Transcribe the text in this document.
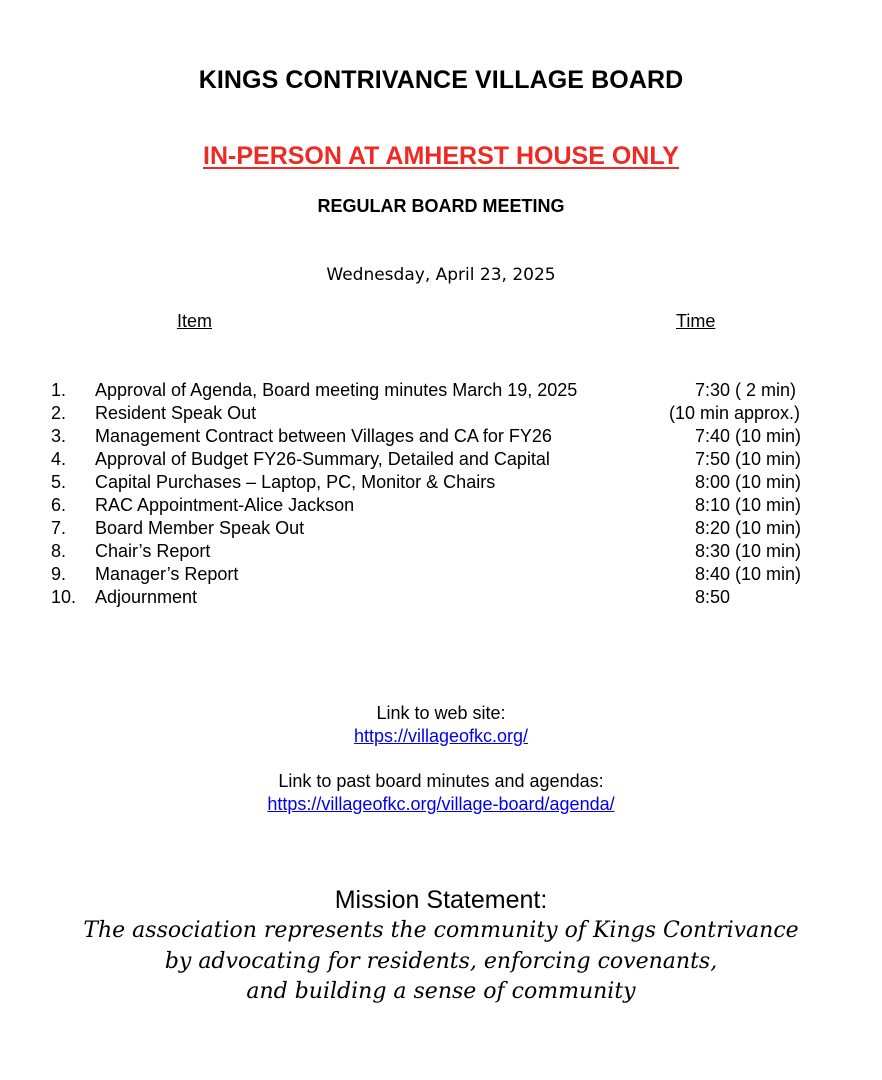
KINGS CONTRIVANCE VILLAGE BOARD
IN-PERSON AT AMHERST HOUSE ONLY
REGULAR BOARD MEETING
Wednesday, April 23, 2025
Item	Time
1. Approval of Agenda, Board meeting minutes March 19, 2025	7:30 ( 2 min)
2. Resident Speak Out	(10 min approx.)
3. Management Contract between Villages and CA for FY26	7:40 (10 min)
4. Approval of Budget FY26-Summary, Detailed and Capital	7:50 (10 min)
5. Capital Purchases – Laptop, PC, Monitor & Chairs	8:00 (10 min)
6. RAC Appointment-Alice Jackson	8:10 (10 min)
7. Board Member Speak Out	8:20 (10 min)
8. Chair’s Report	8:30 (10 min)
9. Manager’s Report	8:40 (10 min)
10. Adjournment	8:50
Link to web site:
https://villageofkc.org/
Link to past board minutes and agendas:
https://villageofkc.org/village-board/agenda/
Mission Statement:
The association represents the community of Kings Contrivance
by advocating for residents, enforcing covenants,
and building a sense of community
